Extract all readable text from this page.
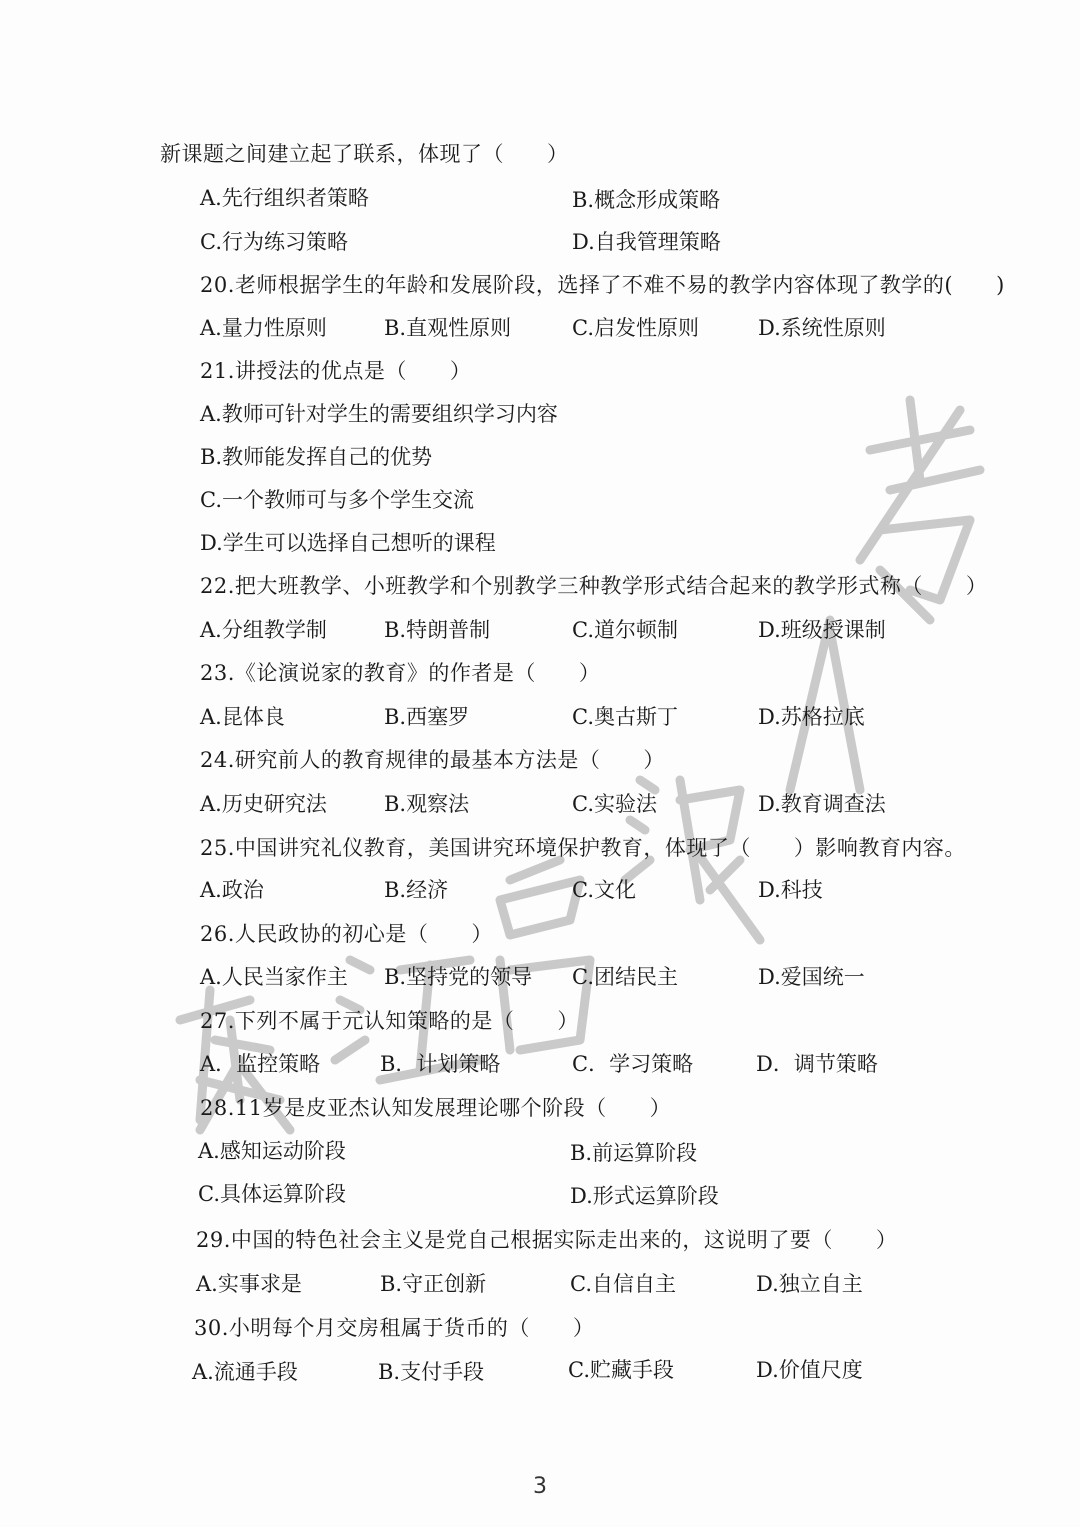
新课题之间建立起了联系，体现了（　　）
A.先行组织者策略	B.概念形成策略
C.行为练习策略	D.自我管理策略
20.老师根据学生的年龄和发展阶段，选择了不难不易的教学内容体现了教学的(　　)
A.量力性原则	B.直观性原则	C.启发性原则	D.系统性原则
21.讲授法的优点是（　　）
A.教师可针对学生的需要组织学习内容
B.教师能发挥自己的优势
C.一个教师可与多个学生交流
D.学生可以选择自己想听的课程
22.把大班教学、小班教学和个别教学三种教学形式结合起来的教学形式称（　　）
A.分组教学制	B.特朗普制	C.道尔顿制	D.班级授课制
23.《论演说家的教育》的作者是（　　）
A.昆体良	B.西塞罗	C.奥古斯丁	D.苏格拉底
24.研究前人的教育规律的最基本方法是（　　）
A.历史研究法	B.观察法	C.实验法	D.教育调查法
25.中国讲究礼仪教育，美国讲究环境保护教育，体现了（　　）影响教育内容。
A.政治	B.经济	C.文化	D.科技
26.人民政协的初心是（　　）
A.人民当家作主 B.坚持党的领导 C.团结民主	D.爱国统一
27.下列不属于元认知策略的是（　　）
A．监控策略	B．计划策略	C．学习策略	D．调节策略
28.11岁是皮亚杰认知发展理论哪个阶段（　　）
A.感知运动阶段	B.前运算阶段
C.具体运算阶段	D.形式运算阶段
29.中国的特色社会主义是党自己根据实际走出来的，这说明了要（　　）
A.实事求是	B.守正创新	C.自信自主	D.独立自主
30.小明每个月交房租属于货币的（　　）
A.流通手段	B.支付手段	C.贮藏手段	D.价值尺度
3
